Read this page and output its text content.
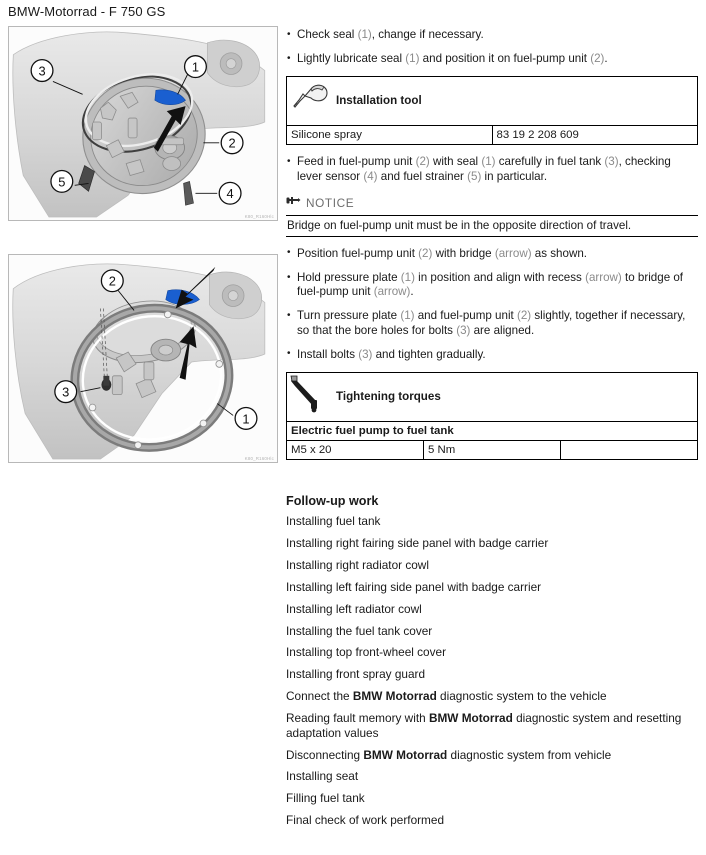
BMW-Motorrad - F 750 GS
1
2
3
4
5
K80_R160Hlc
2
3
1
K80_R160Hlc
• Check seal (1), change if necessary.
• Lightly lubricate seal (1) and position it on fuel-pump unit (2).
Installation tool

Silicone spray	83 19 2 208 609
• Feed in fuel-pump unit (2) with seal (1) carefully in fuel tank (3), checking lever sensor (4) and fuel strainer (5) in particular.
NOTICE
Bridge on fuel-pump unit must be in the opposite direction of travel.
• Position fuel-pump unit (2) with bridge (arrow) as shown.
• Hold pressure plate (1) in position and align with recess (arrow) to bridge of fuel-pump unit (arrow).
• Turn pressure plate (1) and fuel-pump unit (2) slightly, together if necessary, so that the bore holes for bolts (3) are aligned.
• Install bolts (3) and tighten gradually.
Tightening torques

Electric fuel pump to fuel tank
M5 x 20	5 Nm	
Follow-up work
Installing fuel tank
Installing right fairing side panel with badge carrier
Installing right radiator cowl
Installing left fairing side panel with badge carrier
Installing left radiator cowl
Installing the fuel tank cover
Installing top front-wheel cover
Installing front spray guard
Connect the BMW Motorrad diagnostic system to the vehicle
Reading fault memory with BMW Motorrad diagnostic system and resetting adaptation values
Disconnecting BMW Motorrad diagnostic system from vehicle
Installing seat
Filling fuel tank
Final check of work performed
